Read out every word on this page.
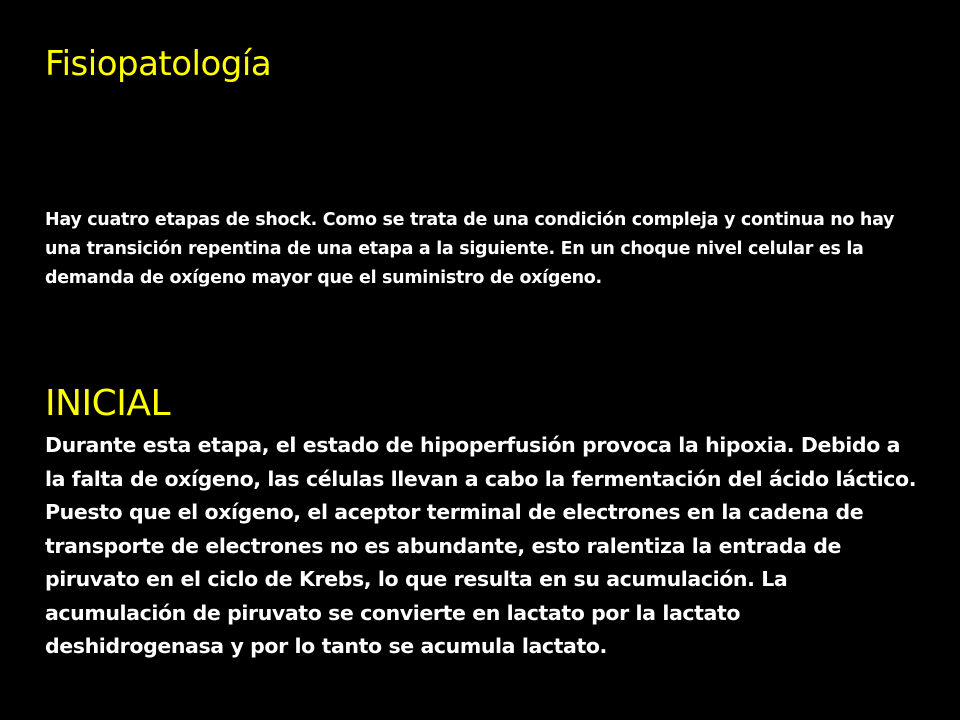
Fisiopatología

Hay cuatro etapas de shock. Como se trata de una condición compleja y continua no hay una transición repentina de una etapa a la siguiente. En un choque nivel celular es la demanda de oxígeno mayor que el suministro de oxígeno.

INICIAL

Durante esta etapa, el estado de hipoperfusión provoca la hipoxia. Debido a la falta de oxígeno, las células llevan a cabo la fermentación del ácido láctico. Puesto que el oxígeno, el aceptor terminal de electrones en la cadena de transporte de electrones no es abundante, esto ralentiza la entrada de piruvato en el ciclo de Krebs, lo que resulta en su acumulación. La acumulación de piruvato se convierte en lactato por la lactato deshidrogenasa y por lo tanto se acumula lactato.
